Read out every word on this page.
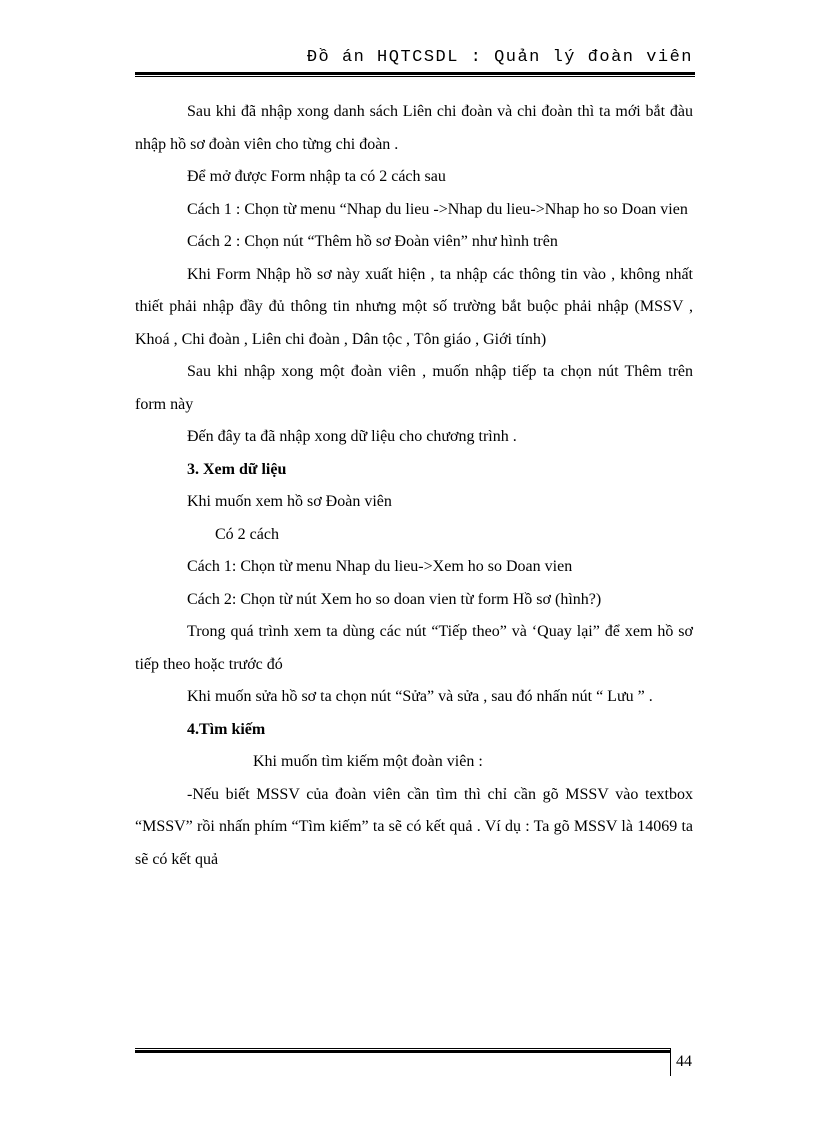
Đồ án HQTCSDL : Quản lý đoàn viên

Sau khi đã nhập xong danh sách Liên chi đoàn và chi đoàn thì ta mới bắt đàu nhập hồ sơ đoàn viên cho từng chi đoàn .

Để mở được Form nhập ta có 2 cách sau

Cách 1 : Chọn từ menu “Nhap du lieu ->Nhap du lieu->Nhap ho so Doan vien

Cách 2 : Chọn nút “Thêm hồ sơ Đoàn viên” như hình trên

Khi Form Nhập hồ sơ này xuất hiện , ta nhập các thông tin vào , không nhất thiết phải nhập đầy đủ thông tin nhưng một số trường bắt buộc phải nhập (MSSV , Khoá , Chi đoàn , Liên chi đoàn , Dân tộc , Tôn giáo , Giới tính)

Sau khi nhập xong một đoàn viên , muốn nhập tiếp ta chọn nút Thêm trên form này

Đến đây ta đã nhập xong dữ liệu cho chương trình .

3. Xem dữ liệu

Khi muốn xem hồ sơ Đoàn viên

Có 2 cách

Cách 1: Chọn từ menu Nhap du lieu->Xem ho so Doan vien

Cách 2: Chọn từ nút Xem ho so doan vien từ form Hồ sơ (hình?)

Trong quá trình xem ta dùng các nút “Tiếp theo” và ‘Quay lại” để xem hồ sơ tiếp theo hoặc trước đó

Khi muốn sửa hồ sơ ta chọn nút “Sửa” và sửa , sau đó nhấn nút “ Lưu ” .

4.Tìm kiếm

Khi muốn tìm kiếm một đoàn viên :

-Nếu biết MSSV của đoàn viên cần tìm thì chỉ cần gõ MSSV vào textbox “MSSV” rồi nhấn phím “Tìm kiếm” ta sẽ có kết quả . Ví dụ : Ta gõ MSSV là 14069 ta sẽ có kết quả

44
